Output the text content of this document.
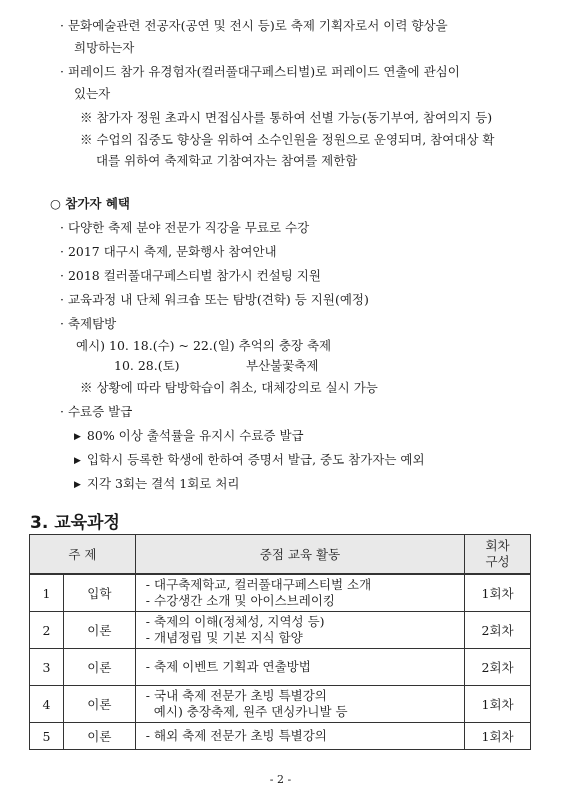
· 문화예술관련 전공자(공연 및 전시 등)로 축제 기획자로서 이력 향상을
희망하는자
· 퍼레이드 참가 유경험자(컬러풀대구페스티벌)로 퍼레이드 연출에 관심이
있는자
※ 참가자 정원 초과시 면접심사를 통하여 선별 가능(동기부여, 참여의지 등)
※ 수업의 집중도 향상을 위하여 소수인원을 정원으로 운영되며, 참여대상 확
대를 위하여 축제학교 기참여자는 참여를 제한함
○ 참가자 혜택
· 다양한 축제 분야 전문가 직강을 무료로 수강
· 2017 대구시 축제, 문화행사 참여안내
· 2018 컬러풀대구페스티벌 참가시 컨설팅 지원
· 교육과정 내 단체 워크숍 또는 탐방(견학) 등 지원(예정)
· 축제탐방
예시) 10. 18.(수) ~ 22.(일) 추억의 충장 축제
10. 28.(토)	부산불꽃축제
※ 상황에 따라 탐방학습이 취소, 대체강의로 실시 가능
· 수료증 발급
▶ 80% 이상 출석률을 유지시 수료증 발급
▶ 입학시 등록한 학생에 한하여 증명서 발급, 중도 참가자는 예외
▶ 지각 3회는 결석 1회로 처리
3. 교육과정
주 제		중점 교육 활동	회차
구성
1	입학	- 대구축제학교, 컬러풀대구페스티벌 소개
- 수강생간 소개 및 아이스브레이킹	1회차
2	이론	- 축제의 이해(정체성, 지역성 등)
- 개념정립 및 기본 지식 함양	2회차
3	이론	- 축제 이벤트 기획과 연출방법	2회차
4	이론	- 국내 축제 전문가 초빙 특별강의
예시) 충장축제, 원주 댄싱카니발 등	1회차
5	이론	- 해외 축제 전문가 초빙 특별강의	1회차
- 2 -
